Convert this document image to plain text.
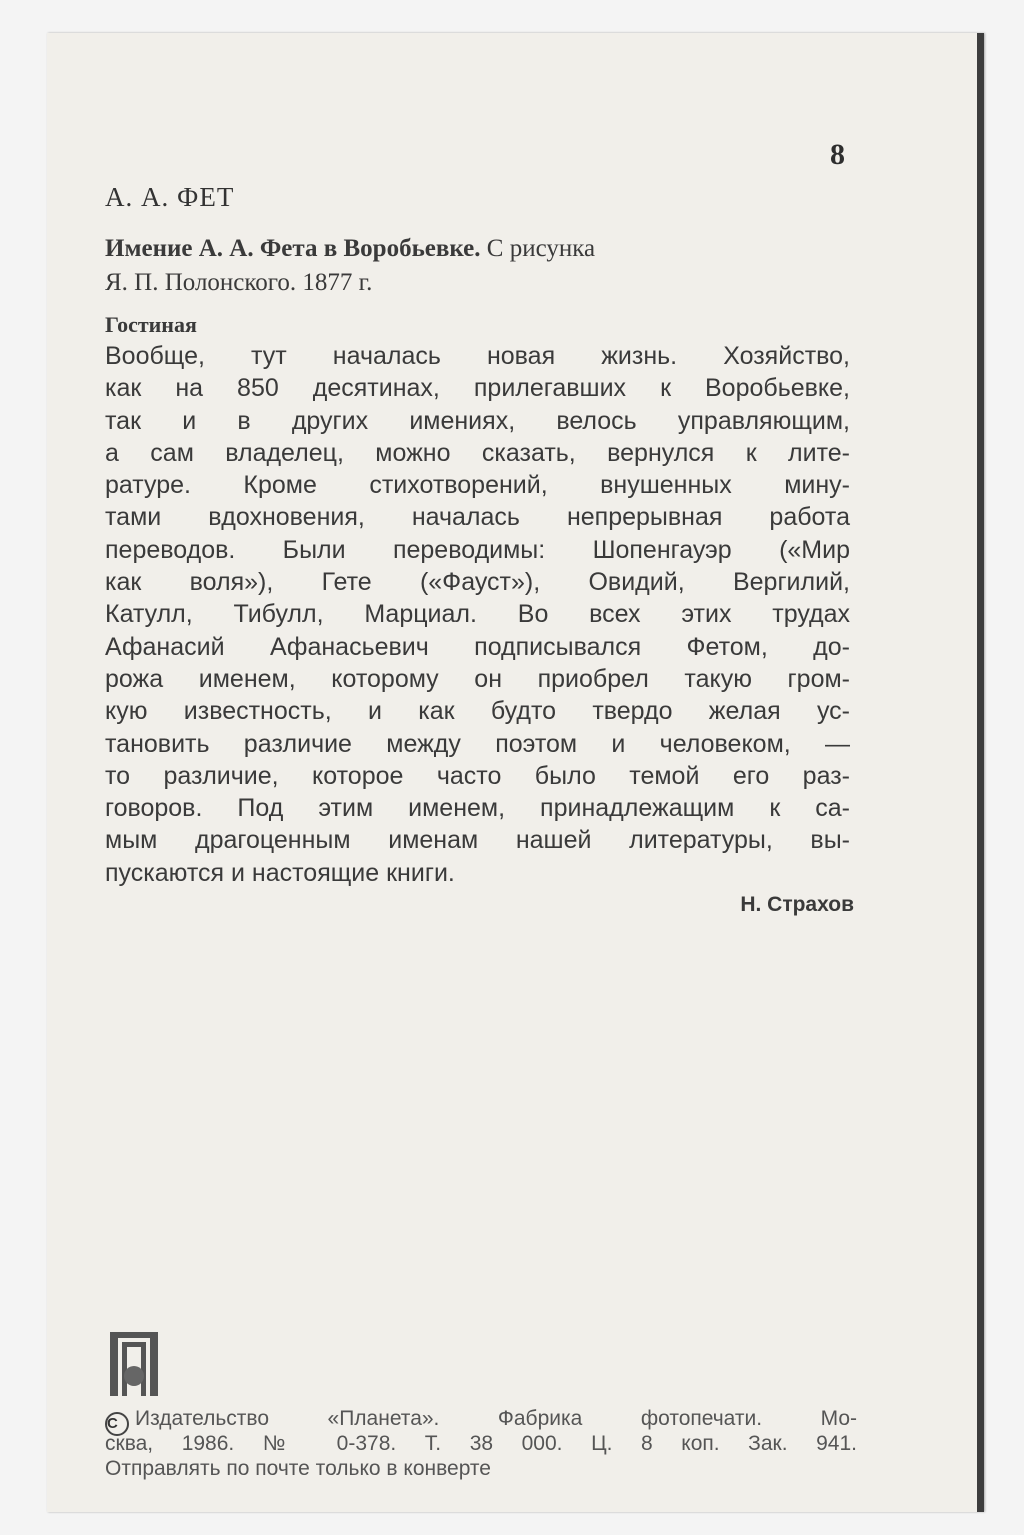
8
А. А. ФЕТ
Имение А. А. Фета в Воробьевке. С рисунка
Я. П. Полонского. 1877 г.
Гостиная
Вообще, тут началась новая жизнь. Хозяйство,
как на 850 десятинах, прилегавших к Воробьевке,
так и в других имениях, велось управляющим,
а сам владелец, можно сказать, вернулся к лите-
ратуре. Кроме стихотворений, внушенных мину-
тами вдохновения, началась непрерывная работа
переводов. Были переводимы: Шопенгауэр («Мир
как воля»), Гете («Фауст»), Овидий, Вергилий,
Катулл, Тибулл, Марциал. Во всех этих трудах
Афанасий Афанасьевич подписывался Фетом, до-
рожа именем, которому он приобрел такую гром-
кую известность, и как будто твердо желая ус-
тановить различие между поэтом и человеком, —
то различие, которое часто было темой его раз-
говоров. Под этим именем, принадлежащим к са-
мым драгоценным именам нашей литературы, вы-
пускаются и настоящие книги.
Н. Страхов
C Издательство «Планета». Фабрика фотопечати. Мо-
сква, 1986. № 0-378. Т. 38 000. Ц. 8 коп. Зак. 941.
Отправлять по почте только в конверте
